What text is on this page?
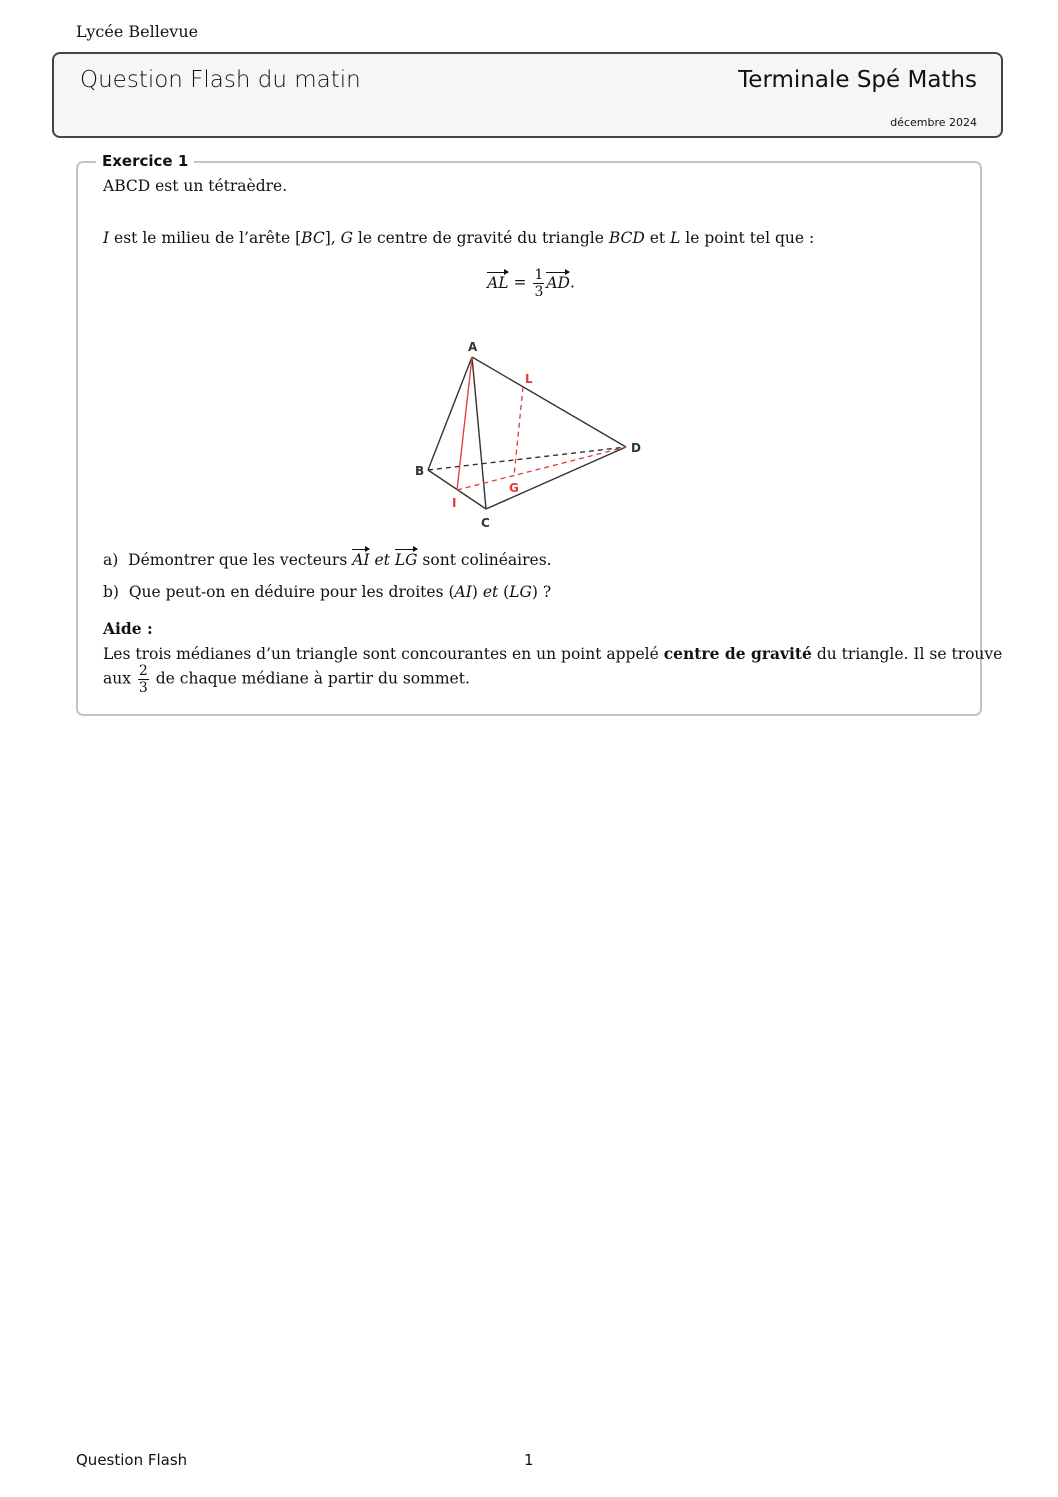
Lycée Bellevue
Question Flash du matin	Terminale Spé Maths
décembre 2024
Exercice 1
ABCD est un tétraèdre.
I est le milieu de l’arête [BC], G le centre de gravité du triangle BCD et L le point tel que :
AL = $\frac{1}{3}$ AD.
A
B
C
D
I
G
L
a) Démontrer que les vecteurs AI et LG sont colinéaires.
b) Que peut-on en déduire pour les droites (AI) et (LG) ?
Aide :
Les trois médianes d’un triangle sont concourantes en un point appelé centre de gravité du triangle. Il se trouve
aux $\frac{2}{3}$ de chaque médiane à partir du sommet.
Question Flash	1
